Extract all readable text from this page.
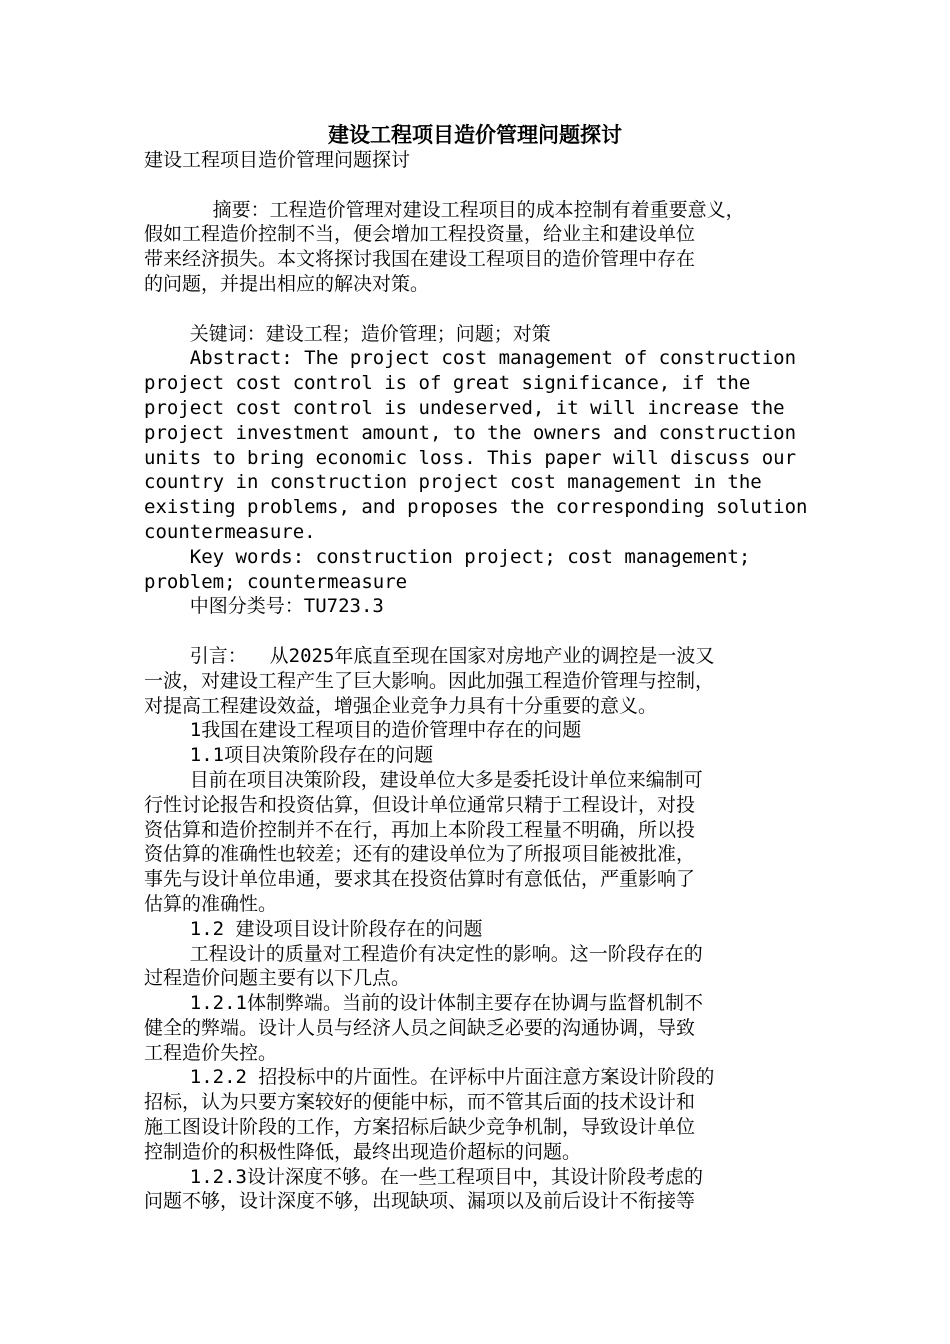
建设工程项目造价管理问题探讨
建设工程项目造价管理问题探讨
摘要：工程造价管理对建设工程项目的成本控制有着重要意义，
假如工程造价控制不当，便会增加工程投资量，给业主和建设单位
带来经济损失。本文将探讨我国在建设工程项目的造价管理中存在
的问题，并提出相应的解决对策。
关键词：建设工程；造价管理；问题；对策
Abstract: The project cost management of construction
project cost control is of great significance, if the
project cost control is undeserved, it will increase the
project investment amount, to the owners and construction
units to bring economic loss. This paper will discuss our
country in construction project cost management in the
existing problems, and proposes the corresponding solution
countermeasure.
Key words: construction project; cost management;
problem; countermeasure
中图分类号：TU723.3
引言：  从2025年底直至现在国家对房地产业的调控是一波又
一波，对建设工程产生了巨大影响。因此加强工程造价管理与控制，
对提高工程建设效益，增强企业竞争力具有十分重要的意义。
1我国在建设工程项目的造价管理中存在的问题
1.1项目决策阶段存在的问题
目前在项目决策阶段，建设单位大多是委托设计单位来编制可
行性讨论报告和投资估算，但设计单位通常只精于工程设计，对投
资估算和造价控制并不在行，再加上本阶段工程量不明确，所以投
资估算的准确性也较差；还有的建设单位为了所报项目能被批准，
事先与设计单位串通，要求其在投资估算时有意低估，严重影响了
估算的准确性。
1.2 建设项目设计阶段存在的问题
工程设计的质量对工程造价有决定性的影响。这一阶段存在的
过程造价问题主要有以下几点。
1.2.1体制弊端。当前的设计体制主要存在协调与监督机制不
健全的弊端。设计人员与经济人员之间缺乏必要的沟通协调，导致
工程造价失控。
1.2.2 招投标中的片面性。在评标中片面注意方案设计阶段的
招标，认为只要方案较好的便能中标，而不管其后面的技术设计和
施工图设计阶段的工作，方案招标后缺少竞争机制，导致设计单位
控制造价的积极性降低，最终出现造价超标的问题。
1.2.3设计深度不够。在一些工程项目中，其设计阶段考虑的
问题不够，设计深度不够，出现缺项、漏项以及前后设计不衔接等
